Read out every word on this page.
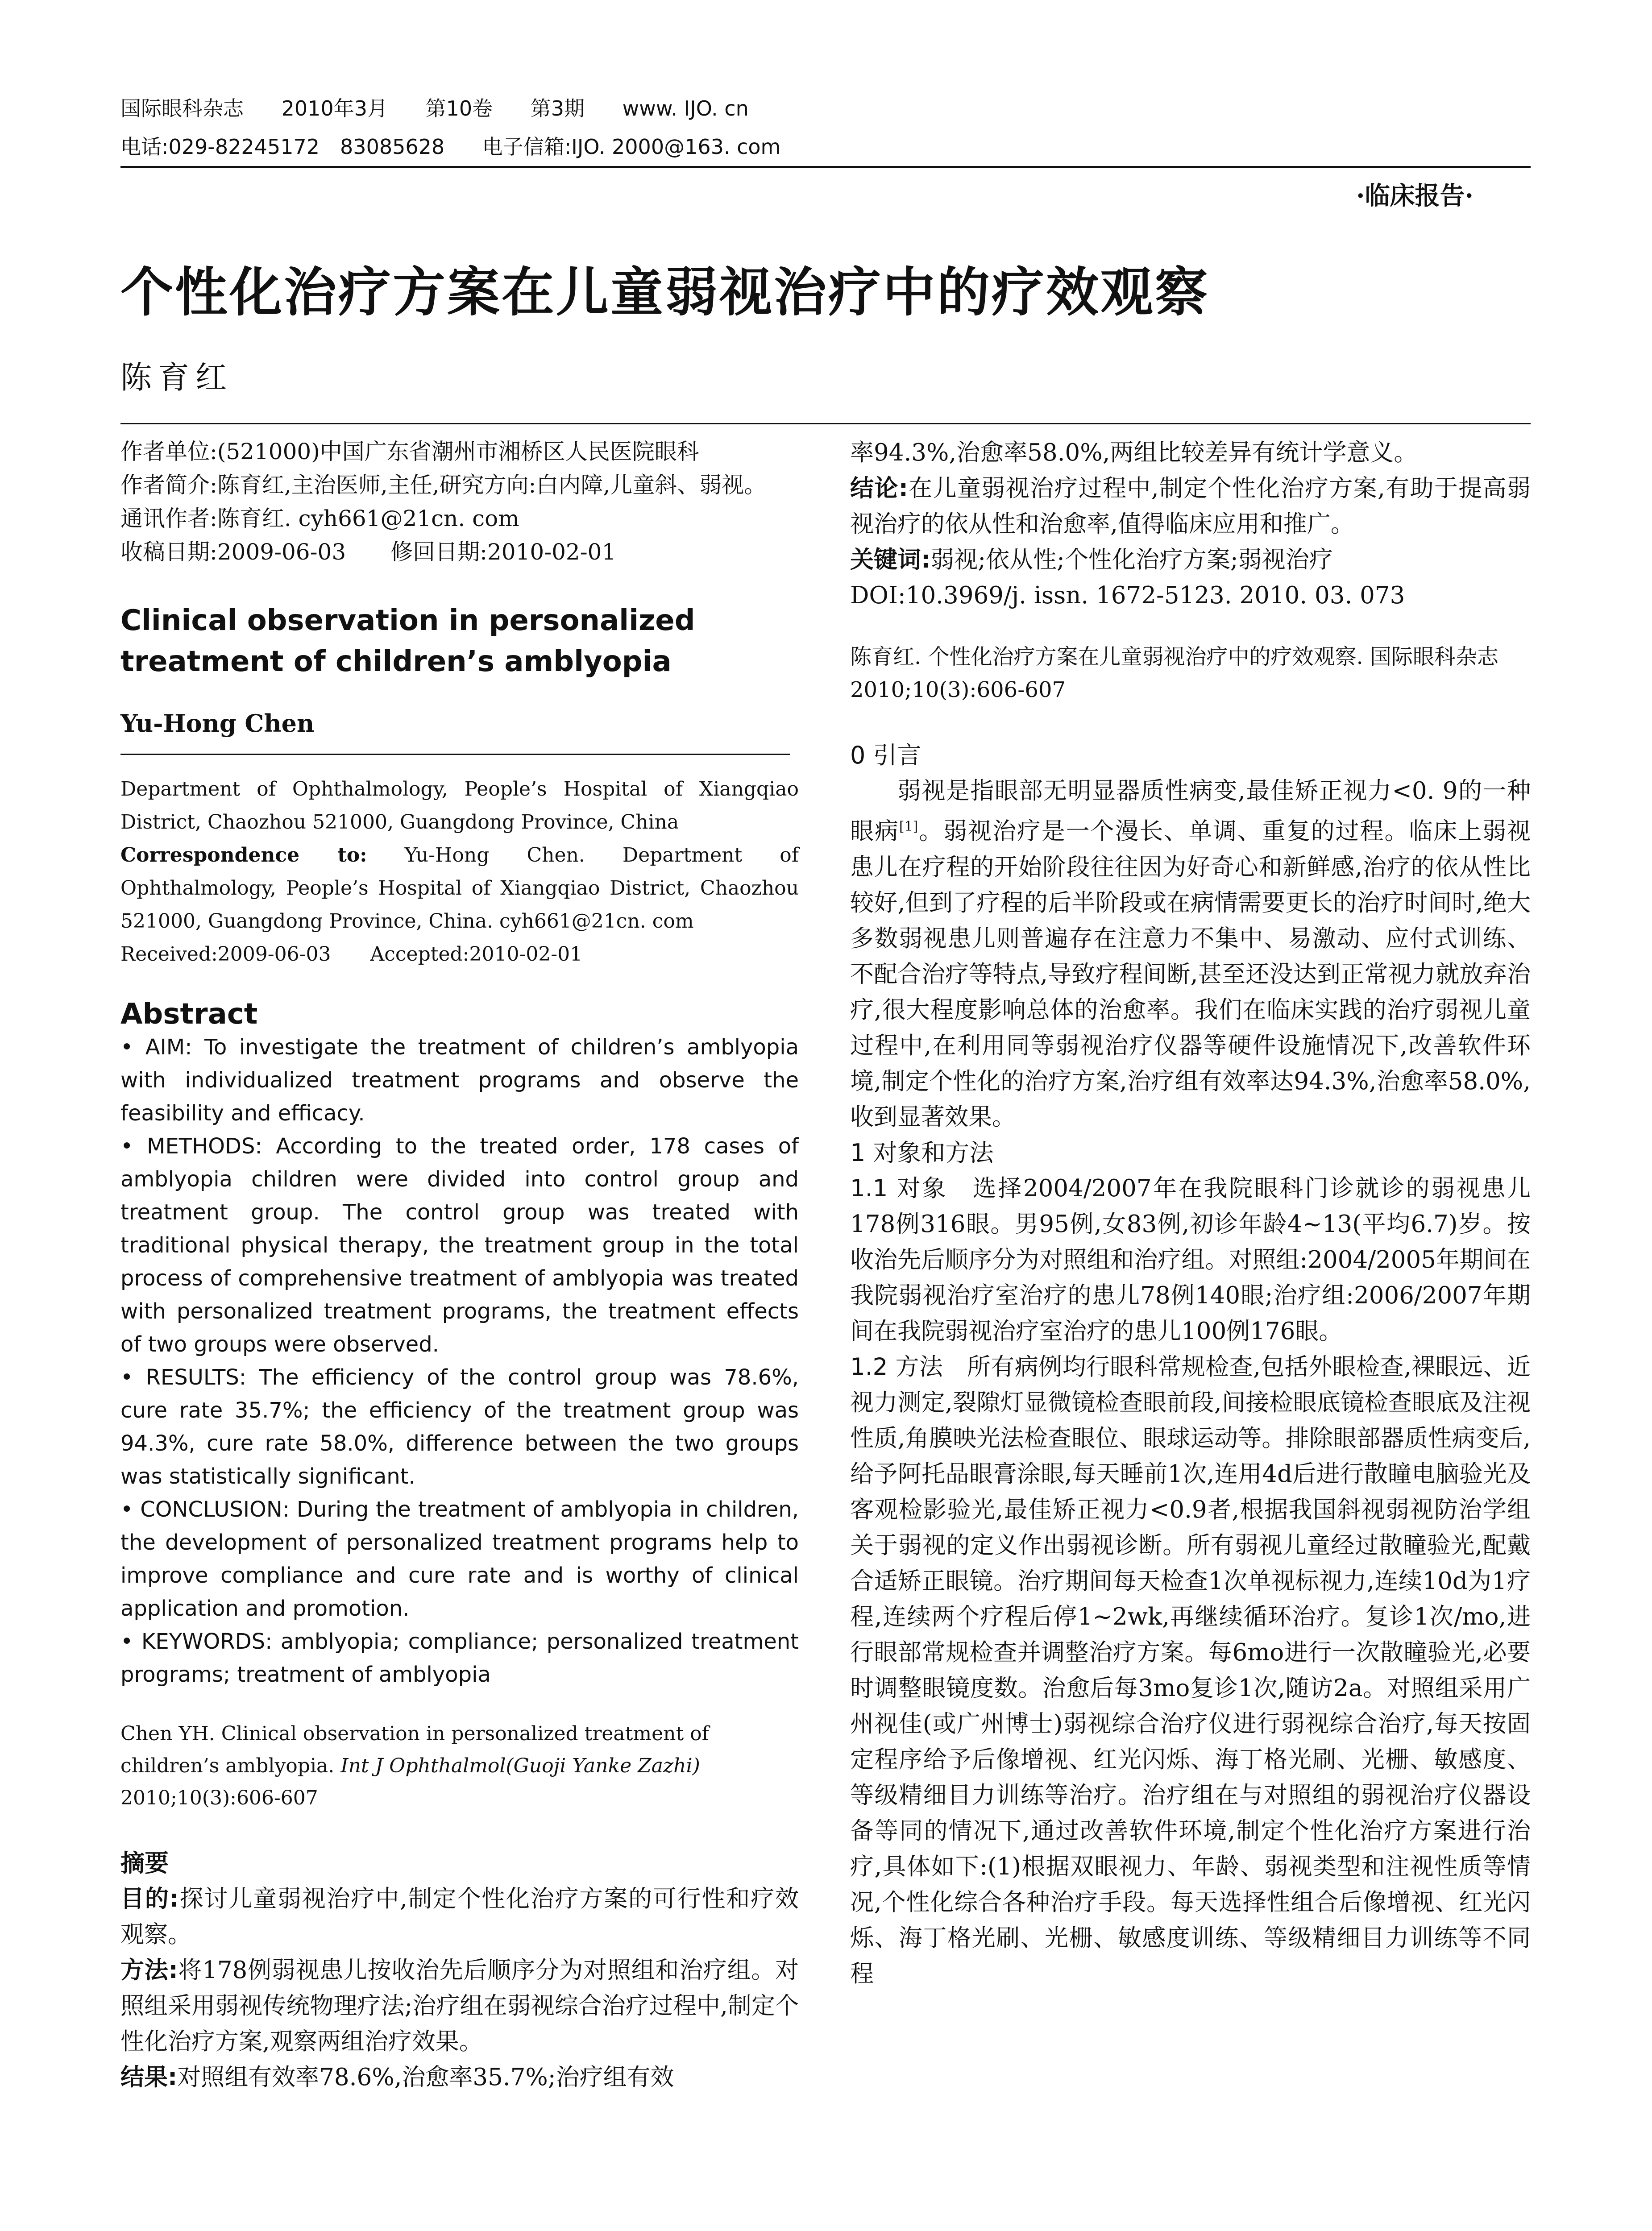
国际眼科杂志 2010年3月 第10卷 第3期 www. IJO. cn
电话:029-82245172　83085628 电子信箱:IJO. 2000@163. com
·临床报告·
个性化治疗方案在儿童弱视治疗中的疗效观察
陈育红

作者单位:(521000)中国广东省潮州市湘桥区人民医院眼科

作者简介:陈育红,主治医师,主任,研究方向:白内障,儿童斜、弱视。

通讯作者:陈育红. cyh661@21cn. com

收稿日期:2009-06-03　　修回日期:2010-02-01

Clinical observation in personalized treatment of children’s amblyopia

Yu-Hong Chen

Department of Ophthalmology, People’s Hospital of Xiangqiao District, Chaozhou 521000, Guangdong Province, China

Correspondence to: Yu-Hong Chen. Department of Ophthalmology, People’s Hospital of Xiangqiao District, Chaozhou 521000, Guangdong Province, China. cyh661@21cn. com

Received:2009-06-03　　Accepted:2010-02-01

Abstract

• AIM: To investigate the treatment of children’s amblyopia with individualized treatment programs and observe the feasibility and efficacy.

• METHODS: According to the treated order, 178 cases of amblyopia children were divided into control group and treatment group. The control group was treated with traditional physical therapy, the treatment group in the total process of comprehensive treatment of amblyopia was treated with personalized treatment programs, the treatment effects of two groups were observed.

• RESULTS: The efficiency of the control group was 78.6%, cure rate 35.7%; the efficiency of the treatment group was 94.3%, cure rate 58.0%, difference between the two groups was statistically significant.

• CONCLUSION: During the treatment of amblyopia in children, the development of personalized treatment programs help to improve compliance and cure rate and is worthy of clinical application and promotion.

• KEYWORDS: amblyopia; compliance; personalized treatment programs; treatment of amblyopia

Chen YH. Clinical observation in personalized treatment of children’s amblyopia. Int J Ophthalmol(Guoji Yanke Zazhi) 2010;10(3):606-607

摘要

目的:探讨儿童弱视治疗中,制定个性化治疗方案的可行性和疗效观察。

方法:将178例弱视患儿按收治先后顺序分为对照组和治疗组。对照组采用弱视传统物理疗法;治疗组在弱视综合治疗过程中,制定个性化治疗方案,观察两组治疗效果。

结果:对照组有效率78.6%,治愈率35.7%;治疗组有效

率94.3%,治愈率58.0%,两组比较差异有统计学意义。

结论:在儿童弱视治疗过程中,制定个性化治疗方案,有助于提高弱视治疗的依从性和治愈率,值得临床应用和推广。

关键词:弱视;依从性;个性化治疗方案;弱视治疗

DOI:10.3969/j. issn. 1672-5123. 2010. 03. 073

陈育红. 个性化治疗方案在儿童弱视治疗中的疗效观察. 国际眼科杂志 2010;10(3):606-607

0 引言

弱视是指眼部无明显器质性病变,最佳矫正视力<0. 9的一种眼病[1]。弱视治疗是一个漫长、单调、重复的过程。临床上弱视患儿在疗程的开始阶段往往因为好奇心和新鲜感,治疗的依从性比较好,但到了疗程的后半阶段或在病情需要更长的治疗时间时,绝大多数弱视患儿则普遍存在注意力不集中、易激动、应付式训练、不配合治疗等特点,导致疗程间断,甚至还没达到正常视力就放弃治疗,很大程度影响总体的治愈率。我们在临床实践的治疗弱视儿童过程中,在利用同等弱视治疗仪器等硬件设施情况下,改善软件环境,制定个性化的治疗方案,治疗组有效率达94.3%,治愈率58.0%,收到显著效果。

1 对象和方法

1.1 对象　 选择2004/2007年在我院眼科门诊就诊的弱视患儿178例316眼。男95例,女83例,初诊年龄4~13(平均6.7)岁。按收治先后顺序分为对照组和治疗组。对照组:2004/2005年期间在我院弱视治疗室治疗的患儿78例140眼;治疗组:2006/2007年期间在我院弱视治疗室治疗的患儿100例176眼。

1.2 方法　 所有病例均行眼科常规检查,包括外眼检查,裸眼远、近视力测定,裂隙灯显微镜检查眼前段,间接检眼底镜检查眼底及注视性质,角膜映光法检查眼位、眼球运动等。排除眼部器质性病变后,给予阿托品眼膏涂眼,每天睡前1次,连用4d后进行散瞳电脑验光及客观检影验光,最佳矫正视力<0.9者,根据我国斜视弱视防治学组关于弱视的定义作出弱视诊断。所有弱视儿童经过散瞳验光,配戴合适矫正眼镜。治疗期间每天检查1次单视标视力,连续10d为1疗程,连续两个疗程后停1~2wk,再继续循环治疗。复诊1次/mo,进行眼部常规检查并调整治疗方案。每6mo进行一次散瞳验光,必要时调整眼镜度数。治愈后每3mo复诊1次,随访2a。对照组采用广州视佳(或广州博士)弱视综合治疗仪进行弱视综合治疗,每天按固定程序给予后像增视、红光闪烁、海丁格光刷、光栅、敏感度、等级精细目力训练等治疗。治疗组在与对照组的弱视治疗仪器设备等同的情况下,通过改善软件环境,制定个性化治疗方案进行治疗,具体如下:(1)根据双眼视力、年龄、弱视类型和注视性质等情况,个性化综合各种治疗手段。每天选择性组合后像增视、红光闪烁、海丁格光刷、光栅、敏感度训练、等级精细目力训练等不同程
